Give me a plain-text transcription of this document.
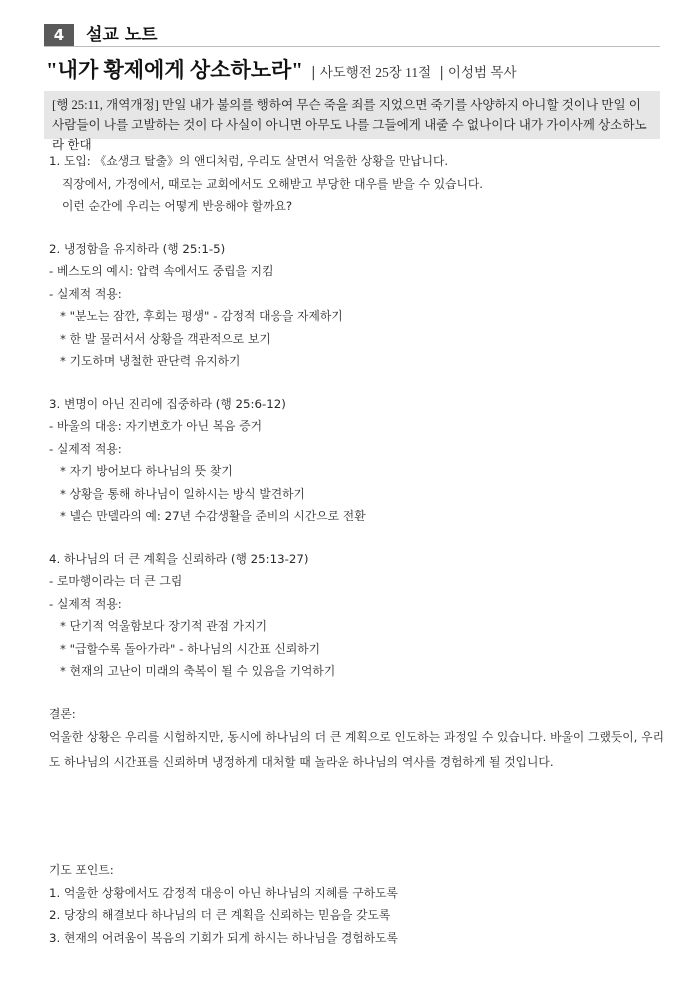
4	설교 노트
"내가 황제에게 상소하노라" | 사도행전 25장 11절 | 이성범 목사
[행 25:11, 개역개정] 만일 내가 불의를 행하여 무슨 죽을 죄를 지었으면 죽기를 사양하지 아니할 것이나 만일 이 사람들이 나를 고발하는 것이 다 사실이 아니면 아무도 나를 그들에게 내줄 수 없나이다 내가 가이사께 상소하노라 한대
1. 도입: 《쇼생크 탈출》의 앤디처럼, 우리도 살면서 억울한 상황을 만납니다.
직장에서, 가정에서, 때로는 교회에서도 오해받고 부당한 대우를 받을 수 있습니다.
이런 순간에 우리는 어떻게 반응해야 할까요?
2. 냉정함을 유지하라 (행 25:1-5)
- 베스도의 예시: 압력 속에서도 중립을 지킴
- 실제적 적용:
* "분노는 잠깐, 후회는 평생" - 감정적 대응을 자제하기
* 한 발 물러서서 상황을 객관적으로 보기
* 기도하며 냉철한 판단력 유지하기
3. 변명이 아닌 진리에 집중하라 (행 25:6-12)
- 바울의 대응: 자기변호가 아닌 복음 증거
- 실제적 적용:
* 자기 방어보다 하나님의 뜻 찾기
* 상황을 통해 하나님이 일하시는 방식 발견하기
* 넬슨 만델라의 예: 27년 수감생활을 준비의 시간으로 전환
4. 하나님의 더 큰 계획을 신뢰하라 (행 25:13-27)
- 로마행이라는 더 큰 그림
- 실제적 적용:
* 단기적 억울함보다 장기적 관점 가지기
* "급할수록 돌아가라" - 하나님의 시간표 신뢰하기
* 현재의 고난이 미래의 축복이 될 수 있음을 기억하기
결론:
억울한 상황은 우리를 시험하지만, 동시에 하나님의 더 큰 계획으로 인도하는 과정일 수 있습니다. 바울이 그랬듯이, 우리도 하나님의 시간표를 신뢰하며 냉정하게 대처할 때 놀라운 하나님의 역사를 경험하게 될 것입니다.
기도 포인트:
1. 억울한 상황에서도 감정적 대응이 아닌 하나님의 지혜를 구하도록
2. 당장의 해결보다 하나님의 더 큰 계획을 신뢰하는 믿음을 갖도록
3. 현재의 어려움이 복음의 기회가 되게 하시는 하나님을 경험하도록
